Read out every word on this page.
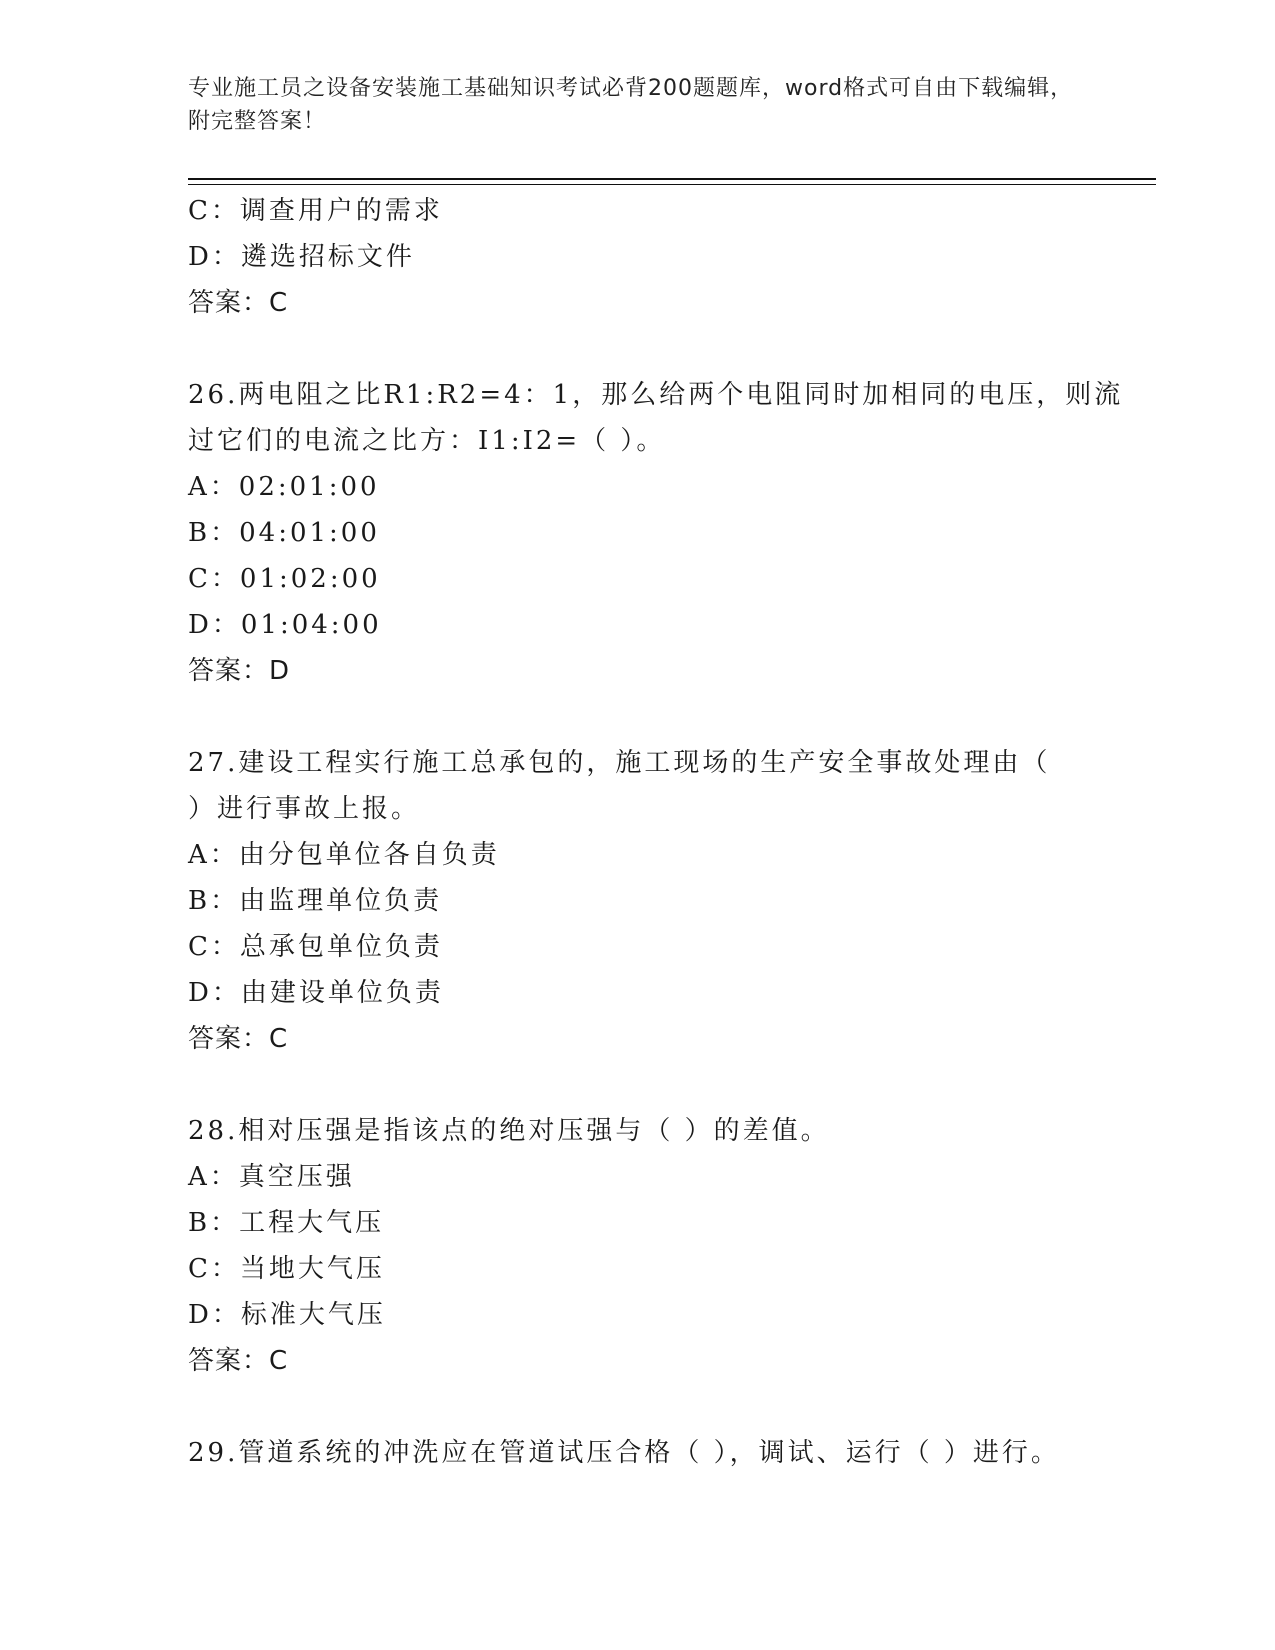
专业施工员之设备安装施工基础知识考试必背200题题库，word格式可自由下载编辑，附完整答案！
C：调查用户的需求
D：遴选招标文件
答案：C
26.两电阻之比R1:R2=4：1，那么给两个电阻同时加相同的电压，则流
过它们的电流之比方：I1:I2=（ ）。
A：02:01:00
B：04:01:00
C：01:02:00
D：01:04:00
答案：D
27.建设工程实行施工总承包的，施工现场的生产安全事故处理由（
）进行事故上报。
A：由分包单位各自负责
B：由监理单位负责
C：总承包单位负责
D：由建设单位负责
答案：C
28.相对压强是指该点的绝对压强与（ ）的差值。
A：真空压强
B：工程大气压
C：当地大气压
D：标准大气压
答案：C
29.管道系统的冲洗应在管道试压合格（ ），调试、运行（ ）进行。
